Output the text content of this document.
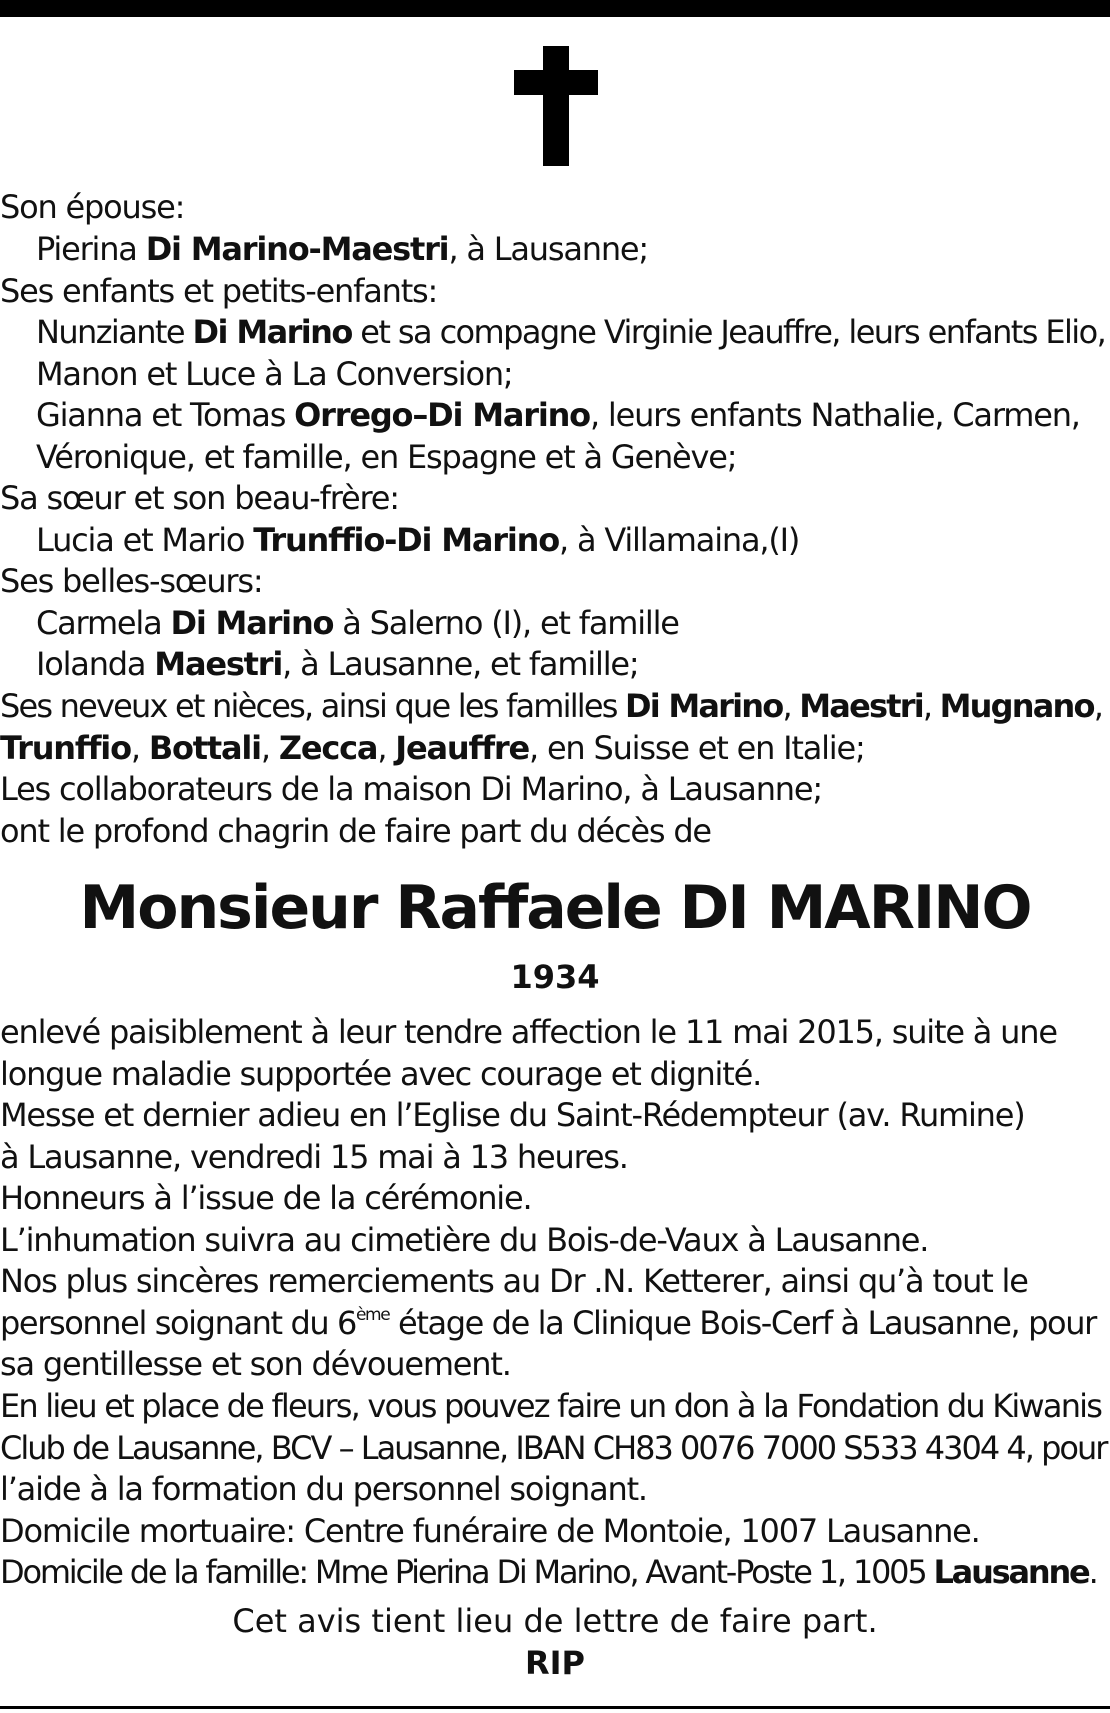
Son épouse:
Pierina Di Marino-Maestri, à Lausanne;
Ses enfants et petits-enfants:
Nunziante Di Marino et sa compagne Virginie Jeauffre, leurs enfants Elio,
Manon et Luce à La Conversion;
Gianna et Tomas Orrego–Di Marino, leurs enfants Nathalie, Carmen,
Véronique, et famille, en Espagne et à Genève;
Sa sœur et son beau-frère:
Lucia et Mario Trunffio-Di Marino, à Villamaina,(I)
Ses belles-sœurs:
Carmela Di Marino à Salerno (I), et famille
Iolanda Maestri, à Lausanne, et famille;
Ses neveux et nièces, ainsi que les familles Di Marino, Maestri, Mugnano,
Trunffio, Bottali, Zecca, Jeauffre, en Suisse et en Italie;
Les collaborateurs de la maison Di Marino, à Lausanne;
ont le profond chagrin de faire part du décès de
Monsieur Raffaele DI MARINO
1934
enlevé paisiblement à leur tendre affection le 11 mai 2015, suite à une
longue maladie supportée avec courage et dignité.
Messe et dernier adieu en l’Eglise du Saint-Rédempteur (av. Rumine)
à Lausanne, vendredi 15 mai à 13 heures.
Honneurs à l’issue de la cérémonie.
L’inhumation suivra au cimetière du Bois-de-Vaux à Lausanne.
Nos plus sincères remerciements au Dr .N. Ketterer, ainsi qu’à tout le
personnel soignant du 6ème étage de la Clinique Bois-Cerf à Lausanne, pour
sa gentillesse et son dévouement.
En lieu et place de fleurs, vous pouvez faire un don à la Fondation du Kiwanis
Club de Lausanne, BCV – Lausanne, IBAN CH83 0076 7000 S533 4304 4, pour
l’aide à la formation du personnel soignant.
Domicile mortuaire: Centre funéraire de Montoie, 1007 Lausanne.
Domicile de la famille: Mme Pierina Di Marino, Avant-Poste 1, 1005 Lausanne.
Cet avis tient lieu de lettre de faire part.
RIP
